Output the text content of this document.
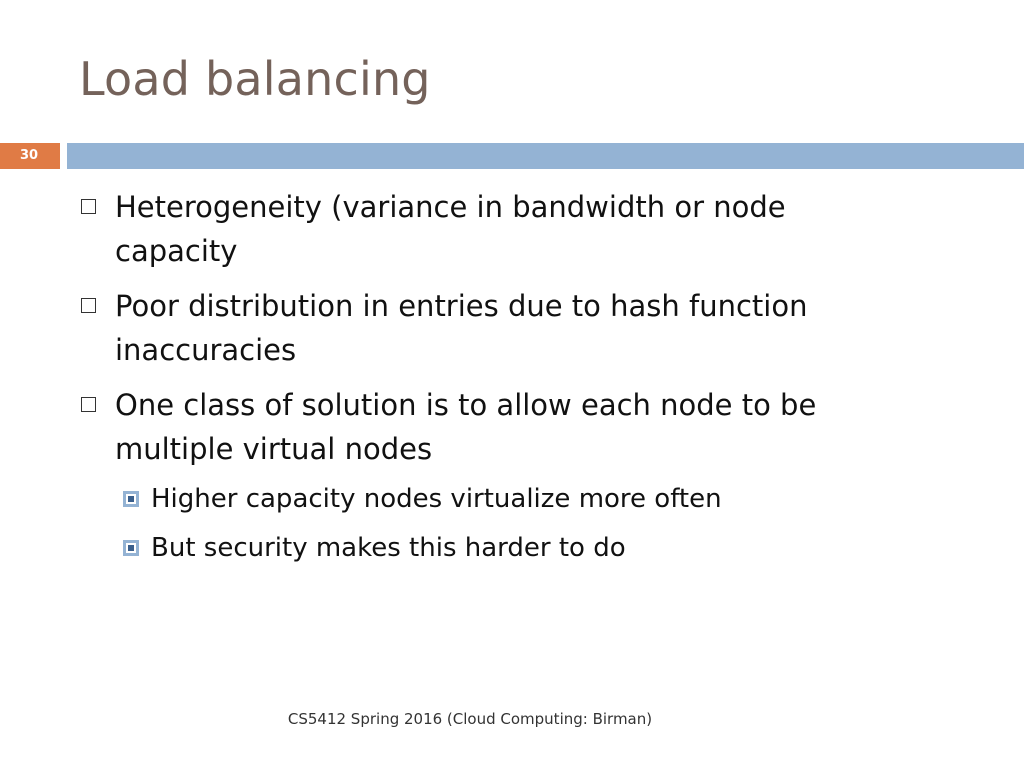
Load balancing
30
Heterogeneity (variance in bandwidth or node
capacity
Poor distribution in entries due to hash function
inaccuracies
One class of solution is to allow each node to be
multiple virtual nodes
Higher capacity nodes virtualize more often
But security makes this harder to do
CS5412 Spring 2016 (Cloud Computing: Birman)
